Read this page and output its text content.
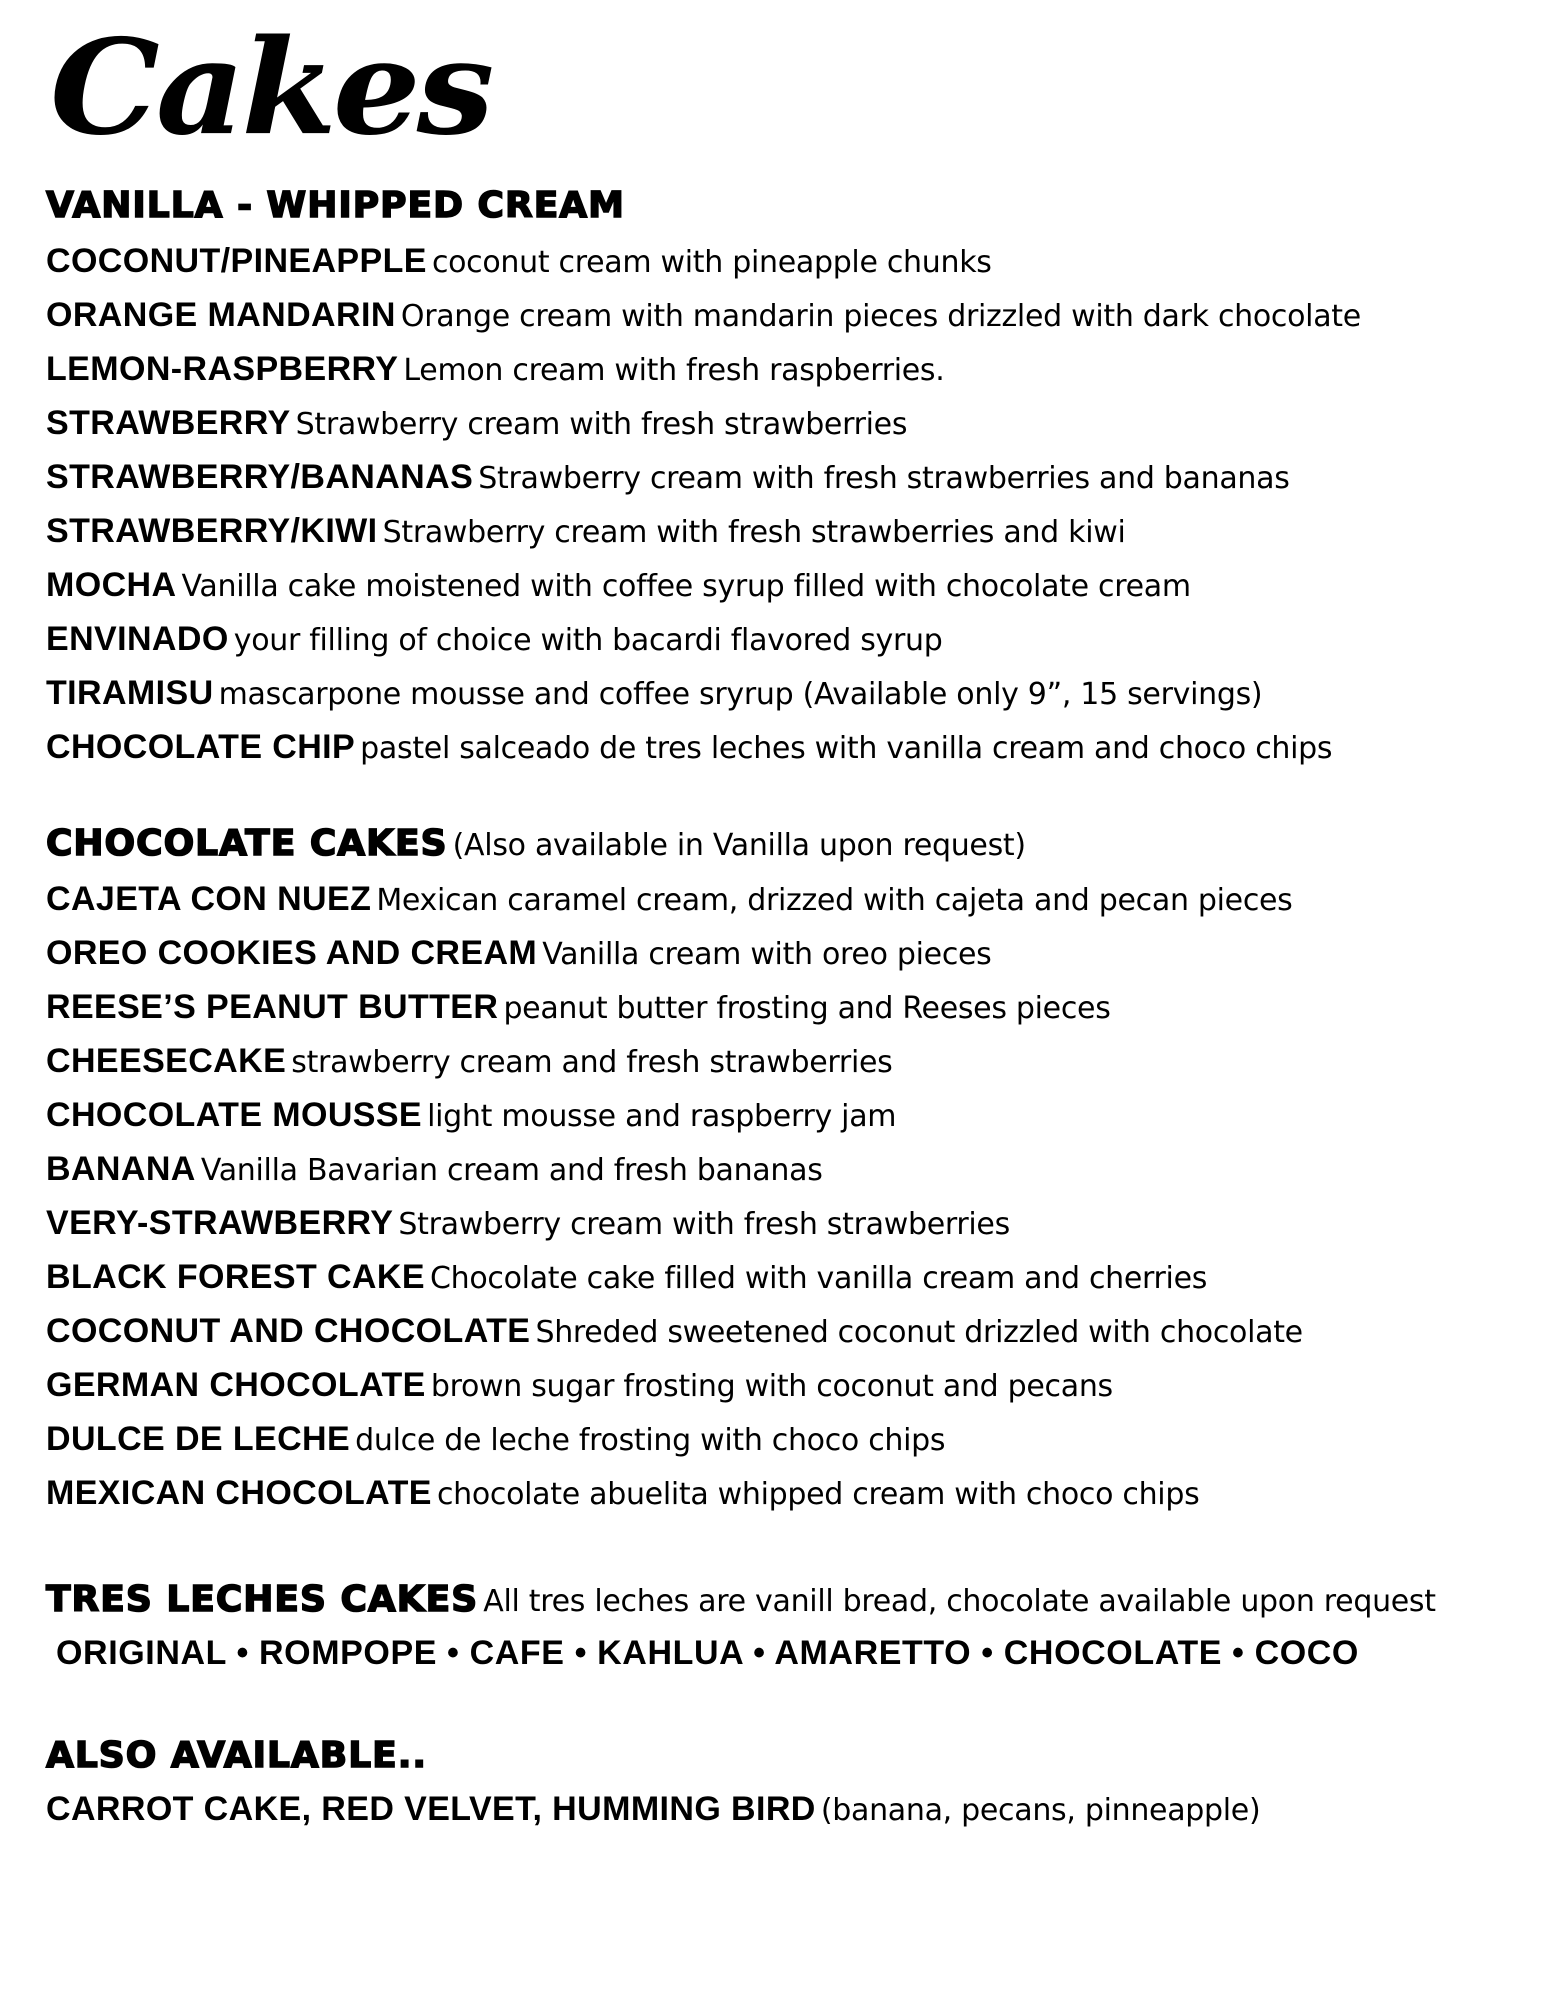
Cakes
VANILLA - WHIPPED CREAM
COCONUT/PINEAPPLE coconut cream with pineapple chunks
ORANGE MANDARIN Orange cream with mandarin pieces drizzled with dark chocolate
LEMON-RASPBERRY Lemon cream with fresh raspberries.
STRAWBERRY Strawberry cream with fresh strawberries
STRAWBERRY/BANANAS Strawberry cream with fresh strawberries and bananas
STRAWBERRY/KIWI Strawberry cream with fresh strawberries and kiwi
MOCHA Vanilla cake moistened with coffee syrup filled with chocolate cream
ENVINADO your filling of choice with bacardi flavored syrup
TIRAMISU mascarpone mousse and coffee sryrup (Available only 9”, 15 servings)
CHOCOLATE CHIP pastel salceado de tres leches with vanilla cream and choco chips
CHOCOLATE CAKES (Also available in Vanilla upon request)
CAJETA CON NUEZ Mexican caramel cream, drizzed with cajeta and pecan pieces
OREO COOKIES AND CREAM Vanilla cream with oreo pieces
REESE’S PEANUT BUTTER peanut butter frosting and Reeses pieces
CHEESECAKE strawberry cream and fresh strawberries
CHOCOLATE MOUSSE light mousse and raspberry jam
BANANA Vanilla Bavarian cream and fresh bananas
VERY-STRAWBERRY Strawberry cream with fresh strawberries
BLACK FOREST CAKE Chocolate cake filled with vanilla cream and cherries
COCONUT AND CHOCOLATE Shreded sweetened coconut drizzled with chocolate
GERMAN CHOCOLATE brown sugar frosting with coconut and pecans
DULCE DE LECHE dulce de leche frosting with choco chips
MEXICAN CHOCOLATE chocolate abuelita whipped cream with choco chips
TRES LECHES CAKES All tres leches are vanill bread, chocolate available upon request
ORIGINAL • ROMPOPE • CAFE • KAHLUA • AMARETTO • CHOCOLATE • COCO
ALSO AVAILABLE..
CARROT CAKE, RED VELVET, HUMMING BIRD (banana, pecans, pinneapple)
